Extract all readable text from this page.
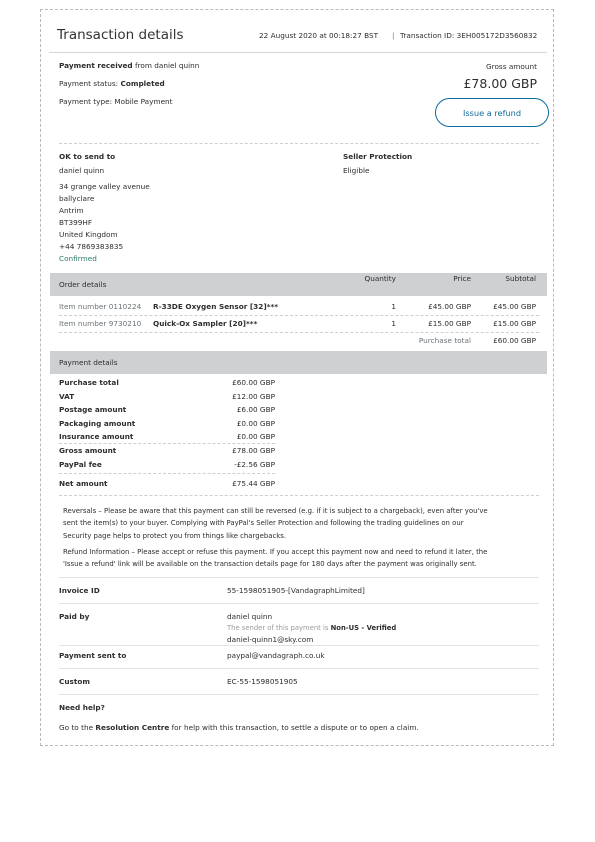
Transaction details	22 August 2020 at 00:18:27 BST | Transaction ID: 3EH005172D3560832
Payment received from daniel quinn
Payment status: Completed
Payment type: Mobile Payment
Gross amount
£78.00 GBP
Issue a refund
OK to send to
daniel quinn
34 grange valley avenue
ballyclare
Antrim
BT399HF
United Kingdom
+44 7869383835
Confirmed
Seller Protection
Eligible
Order details
Quantity	Price	Subtotal
Item number 0110224 R-33DE Oxygen Sensor [32]***	1	£45.00 GBP	£45.00 GBP
Item number 9730210 Quick-Ox Sampler [20]***	1	£15.00 GBP	£15.00 GBP
Purchase total	£60.00 GBP
Payment details
Purchase total	£60.00 GBP
VAT	£12.00 GBP
Postage amount	£6.00 GBP
Packaging amount	£0.00 GBP
Insurance amount	£0.00 GBP
Gross amount	£78.00 GBP
PayPal fee	-£2.56 GBP
Net amount	£75.44 GBP
Reversals – Please be aware that this payment can still be reversed (e.g. if it is subject to a chargeback), even after you've
sent the item(s) to your buyer. Complying with PayPal's Seller Protection and following the trading guidelines on our
Security page helps to protect you from things like chargebacks.
Refund Information – Please accept or refuse this payment. If you accept this payment now and need to refund it later, the
'Issue a refund' link will be available on the transaction details page for 180 days after the payment was originally sent.
Invoice ID	55-1598051905-[VandagraphLimited]
Paid by	daniel quinn
The sender of this payment is Non-US - Verified
daniel-quinn1@sky.com
Payment sent to	paypal@vandagraph.co.uk
Custom	EC-55-1598051905
Need help?
Go to the Resolution Centre for help with this transaction, to settle a dispute or to open a claim.
